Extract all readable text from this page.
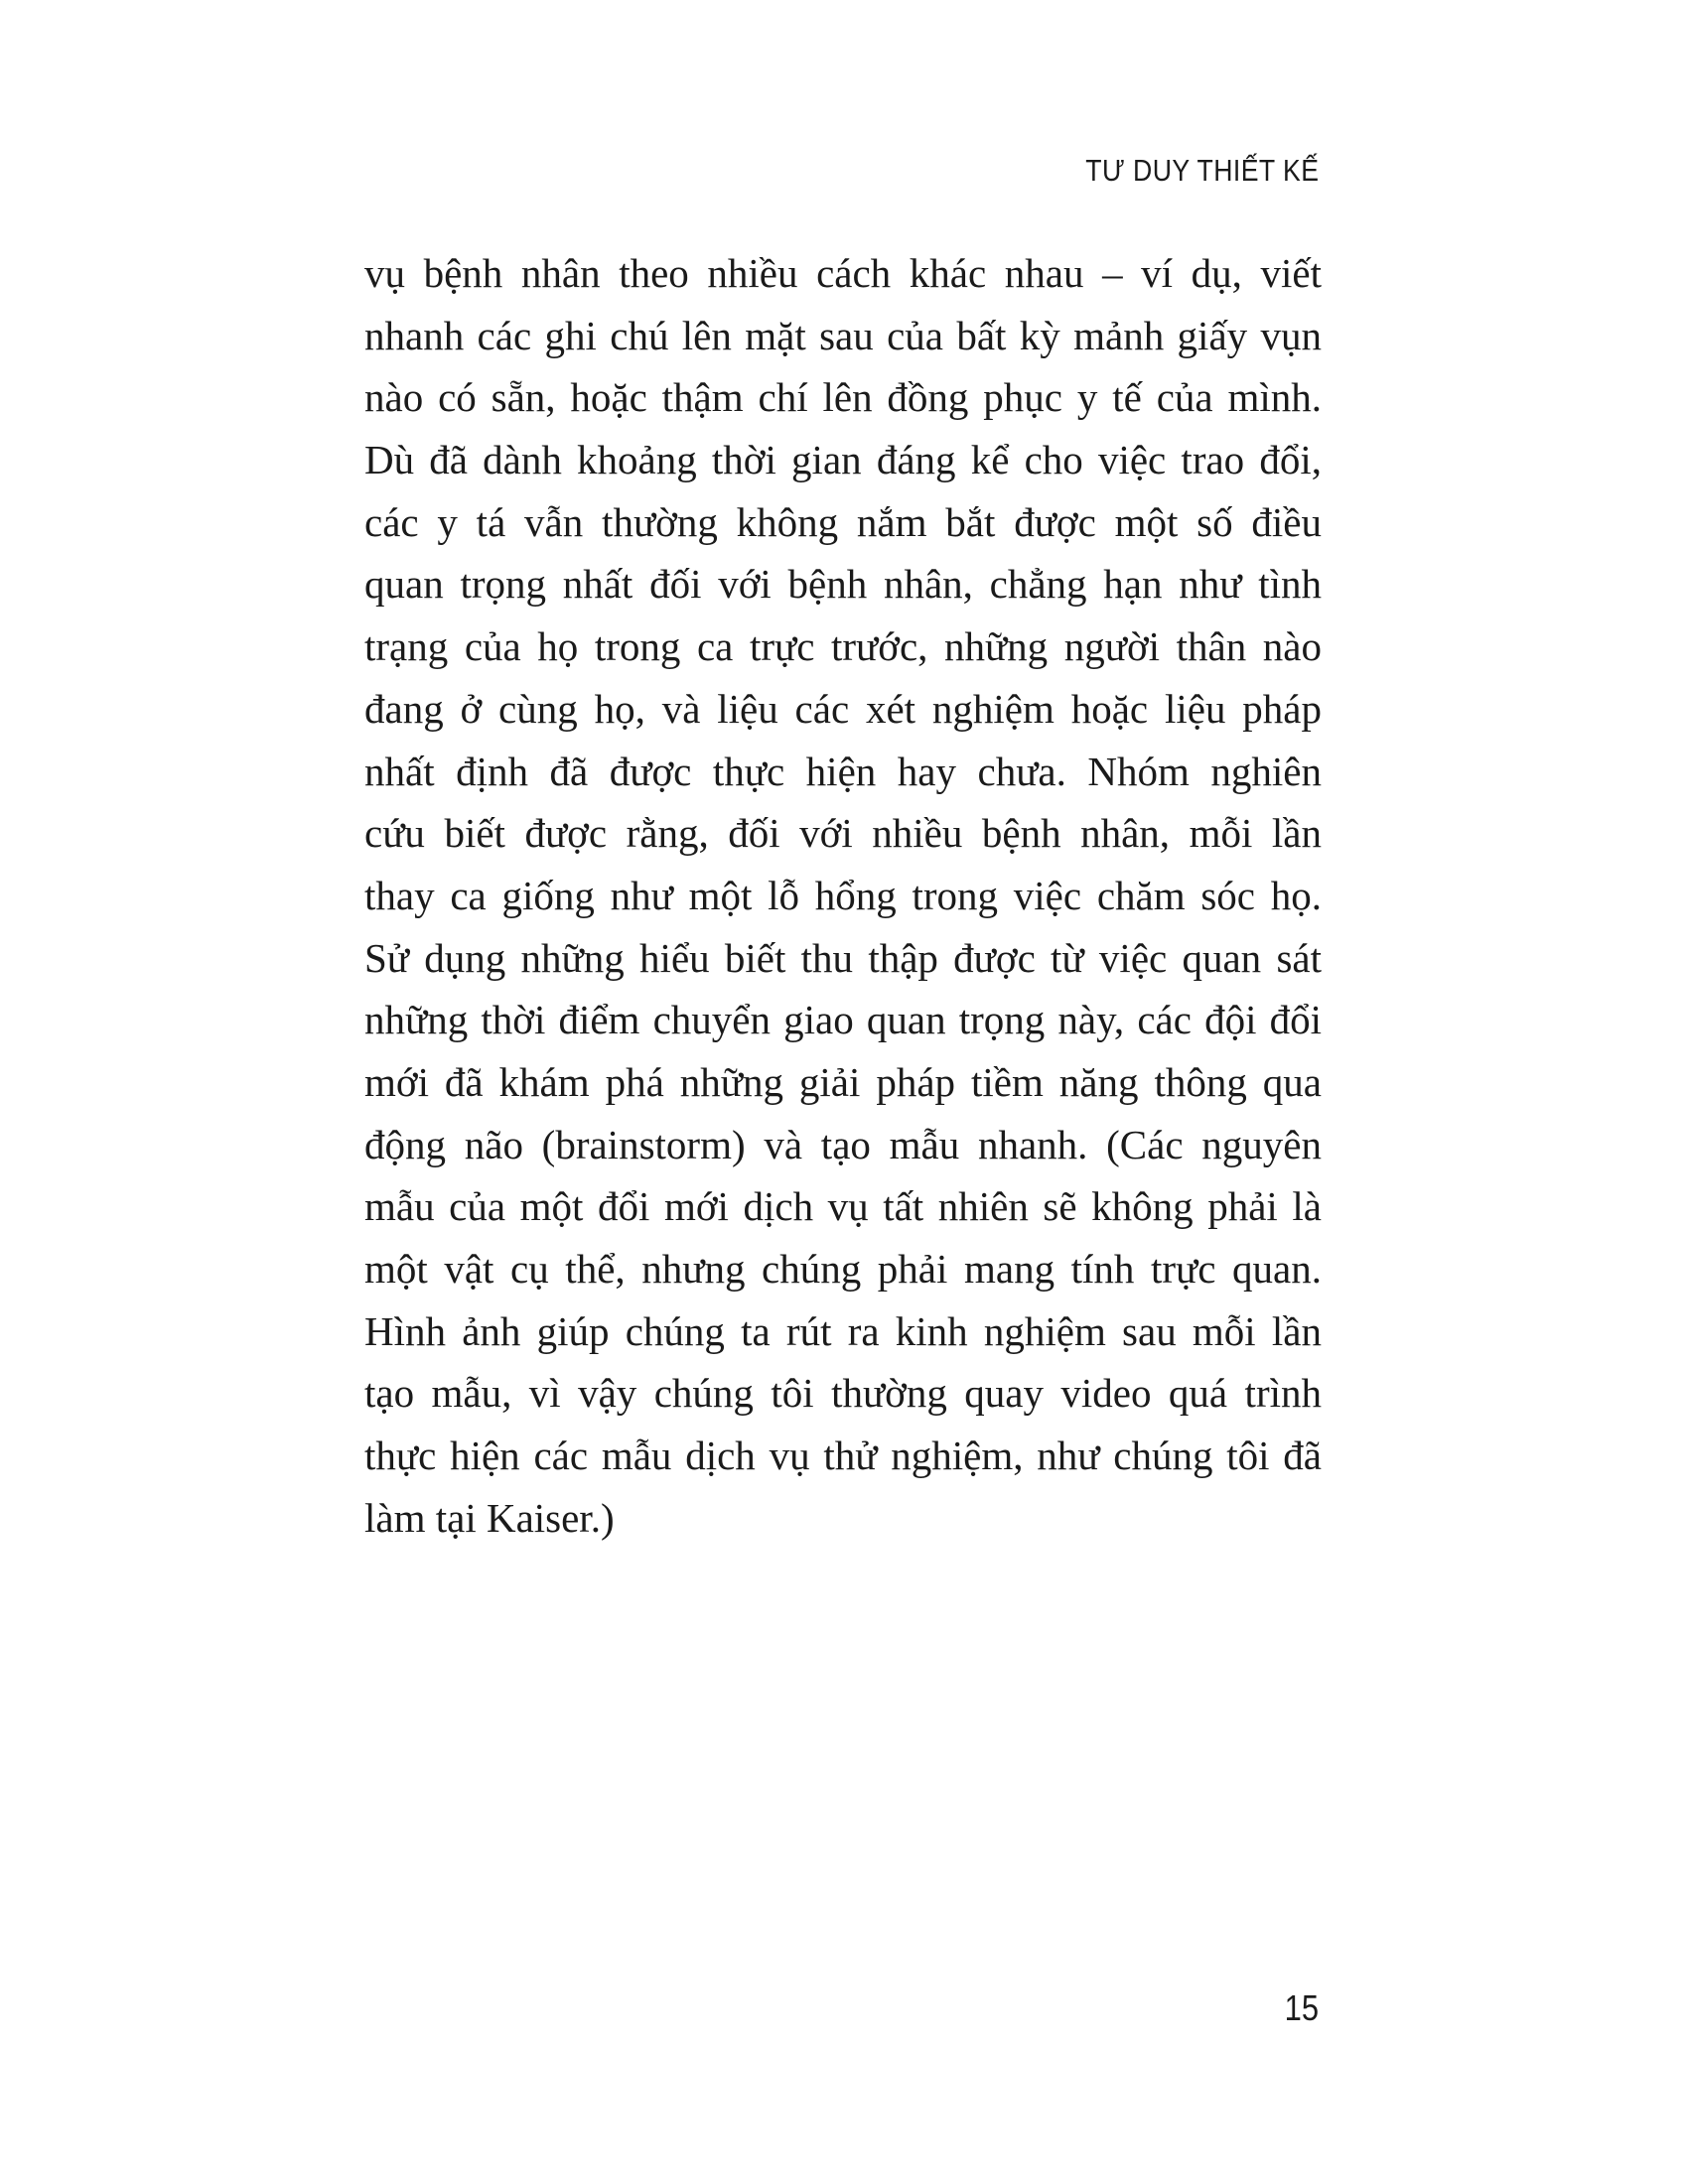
TƯ DUY THIẾT KẾ
vụ bệnh nhân theo nhiều cách khác nhau – ví dụ, viết
nhanh các ghi chú lên mặt sau của bất kỳ mảnh giấy vụn
nào có sẵn, hoặc thậm chí lên đồng phục y tế của mình.
Dù đã dành khoảng thời gian đáng kể cho việc trao đổi,
các y tá vẫn thường không nắm bắt được một số điều
quan trọng nhất đối với bệnh nhân, chẳng hạn như tình
trạng của họ trong ca trực trước, những người thân nào
đang ở cùng họ, và liệu các xét nghiệm hoặc liệu pháp
nhất định đã được thực hiện hay chưa. Nhóm nghiên
cứu biết được rằng, đối với nhiều bệnh nhân, mỗi lần
thay ca giống như một lỗ hổng trong việc chăm sóc họ.
Sử dụng những hiểu biết thu thập được từ việc quan sát
những thời điểm chuyển giao quan trọng này, các đội đổi
mới đã khám phá những giải pháp tiềm năng thông qua
động não (brainstorm) và tạo mẫu nhanh. (Các nguyên
mẫu của một đổi mới dịch vụ tất nhiên sẽ không phải là
một vật cụ thể, nhưng chúng phải mang tính trực quan.
Hình ảnh giúp chúng ta rút ra kinh nghiệm sau mỗi lần
tạo mẫu, vì vậy chúng tôi thường quay video quá trình
thực hiện các mẫu dịch vụ thử nghiệm, như chúng tôi đã
làm tại Kaiser.)
15
